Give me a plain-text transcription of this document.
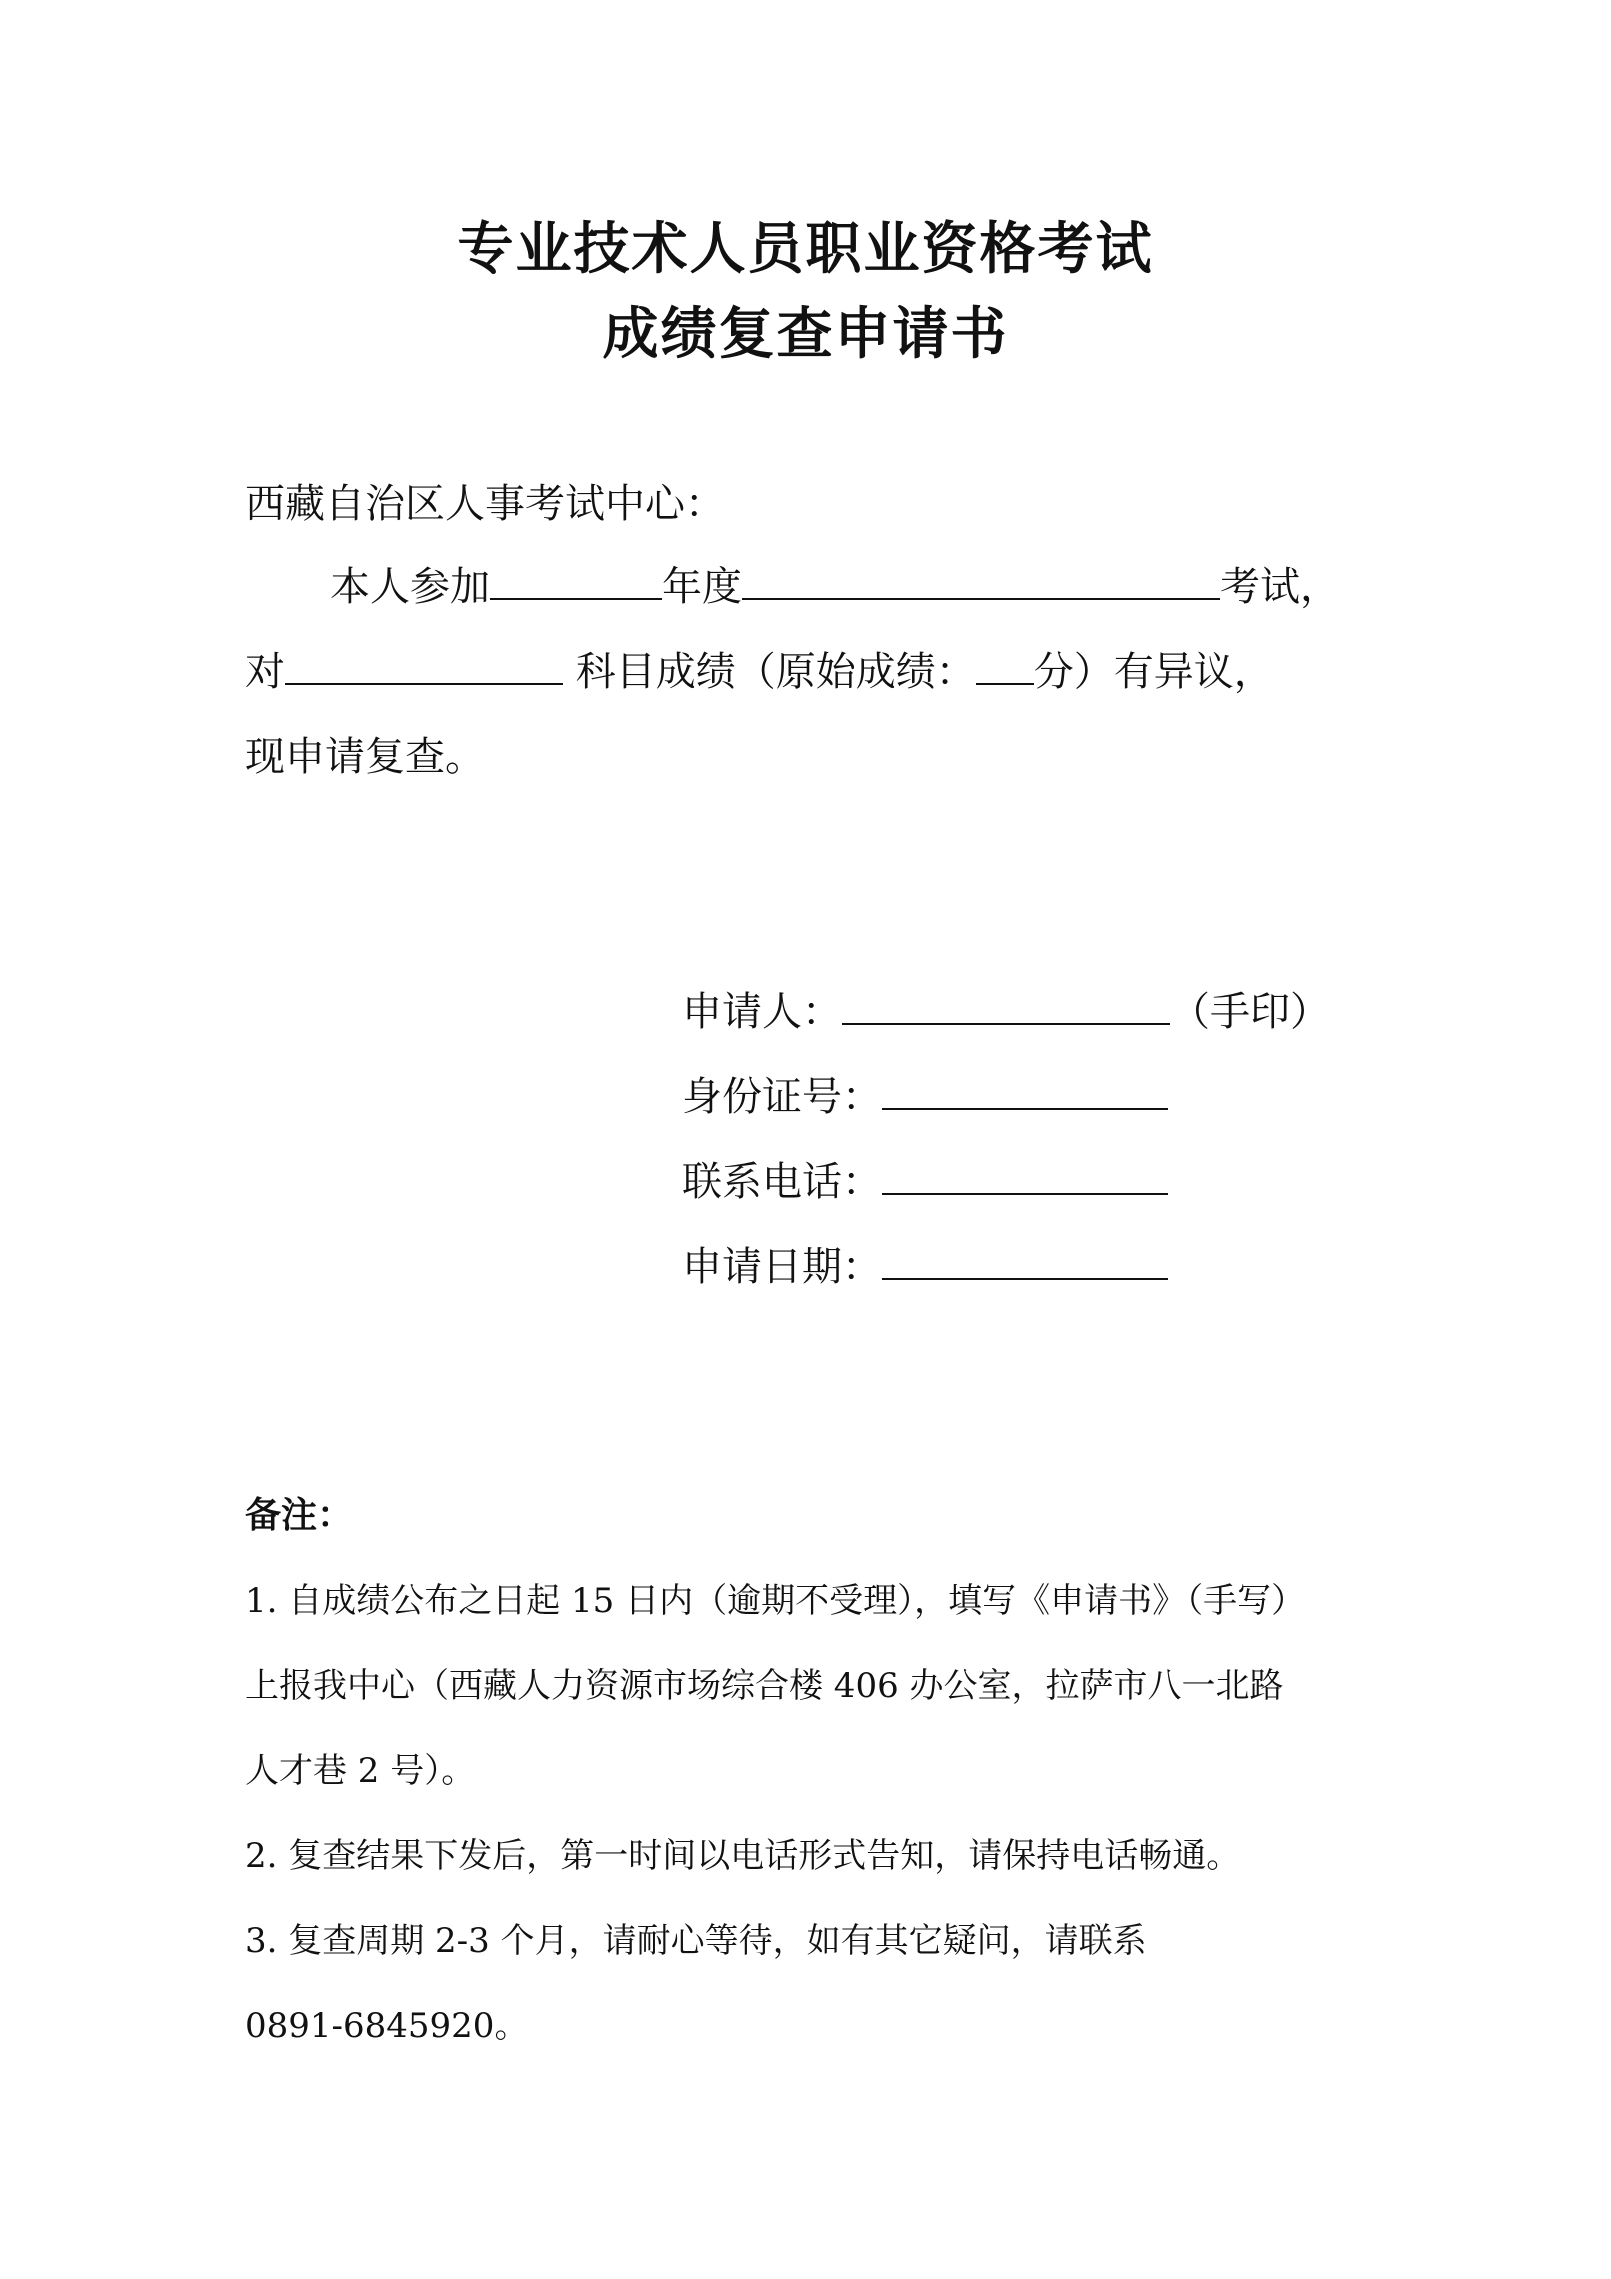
专业技术人员职业资格考试
成绩复查申请书
西藏自治区人事考试中心：
本人参加	年度	考试，
对	科目成绩（原始成绩： 分）有异议，
现申请复查。
申请人：	（手印）
身份证号：
联系电话：
申请日期：
备注：
1. 自成绩公布之日起 15 日内（逾期不受理），填写《申请书》（手写）
上报我中心（西藏人力资源市场综合楼 406 办公室，拉萨市八一北路
人才巷 2 号）。
2. 复查结果下发后，第一时间以电话形式告知，请保持电话畅通。
3. 复查周期 2-3 个月，请耐心等待，如有其它疑问，请联系
0891-6845920。
